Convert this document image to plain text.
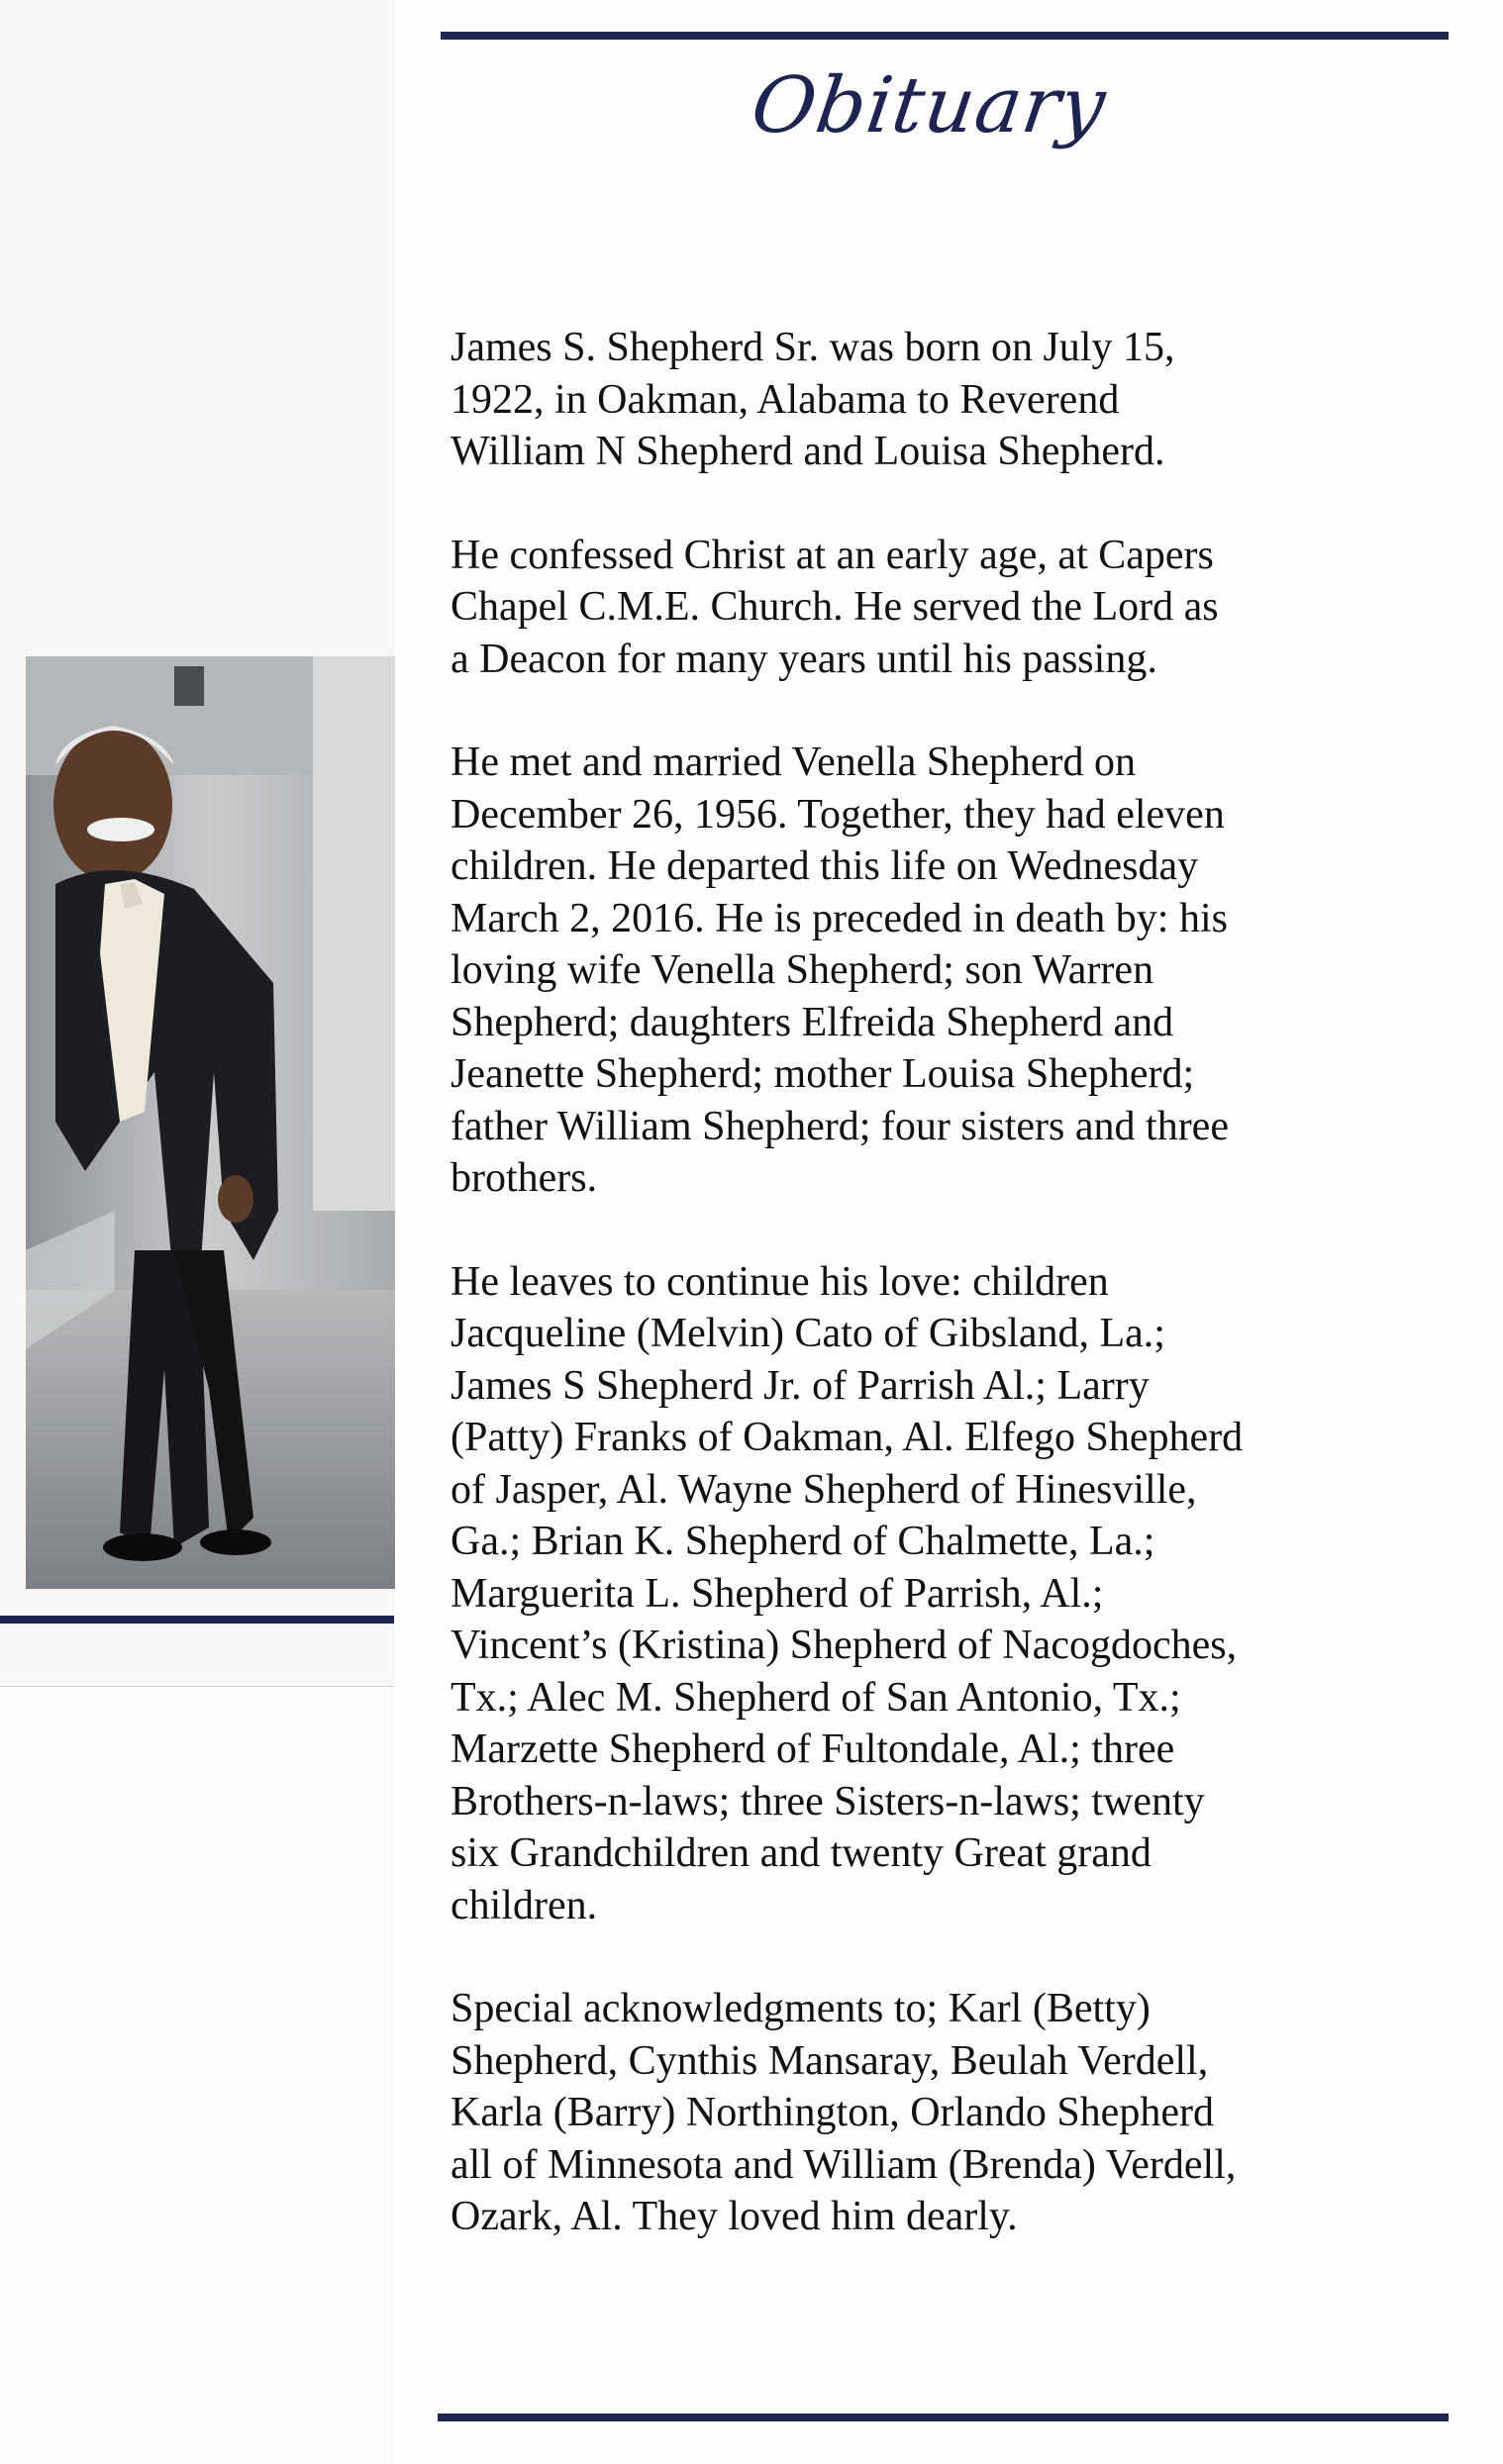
Obituary

James S. Shepherd Sr. was born on July 15,
1922, in Oakman, Alabama to Reverend
William N Shepherd and Louisa Shepherd.

He confessed Christ at an early age, at Capers
Chapel C.M.E. Church. He served the Lord as
a Deacon for many years until his passing.

He met and married Venella Shepherd on
December 26, 1956. Together, they had eleven
children. He departed this life on Wednesday
March 2, 2016. He is preceded in death by: his
loving wife Venella Shepherd; son Warren
Shepherd; daughters Elfreida Shepherd and
Jeanette Shepherd; mother Louisa Shepherd;
father William Shepherd; four sisters and three
brothers.

He leaves to continue his love: children
Jacqueline (Melvin) Cato of Gibsland, La.;
James S Shepherd Jr. of Parrish Al.; Larry
(Patty) Franks of Oakman, Al. Elfego Shepherd
of Jasper, Al. Wayne Shepherd of Hinesville,
Ga.; Brian K. Shepherd of Chalmette, La.;
Marguerita L. Shepherd of Parrish, Al.;
Vincent’s (Kristina) Shepherd of Nacogdoches,
Tx.; Alec M. Shepherd of San Antonio, Tx.;
Marzette Shepherd of Fultondale, Al.; three
Brothers-n-laws; three Sisters-n-laws; twenty
six Grandchildren and twenty Great grand
children.

Special acknowledgments to; Karl (Betty)
Shepherd, Cynthis Mansaray, Beulah Verdell,
Karla (Barry) Northington, Orlando Shepherd
all of Minnesota and William (Brenda) Verdell,
Ozark, Al. They loved him dearly.
